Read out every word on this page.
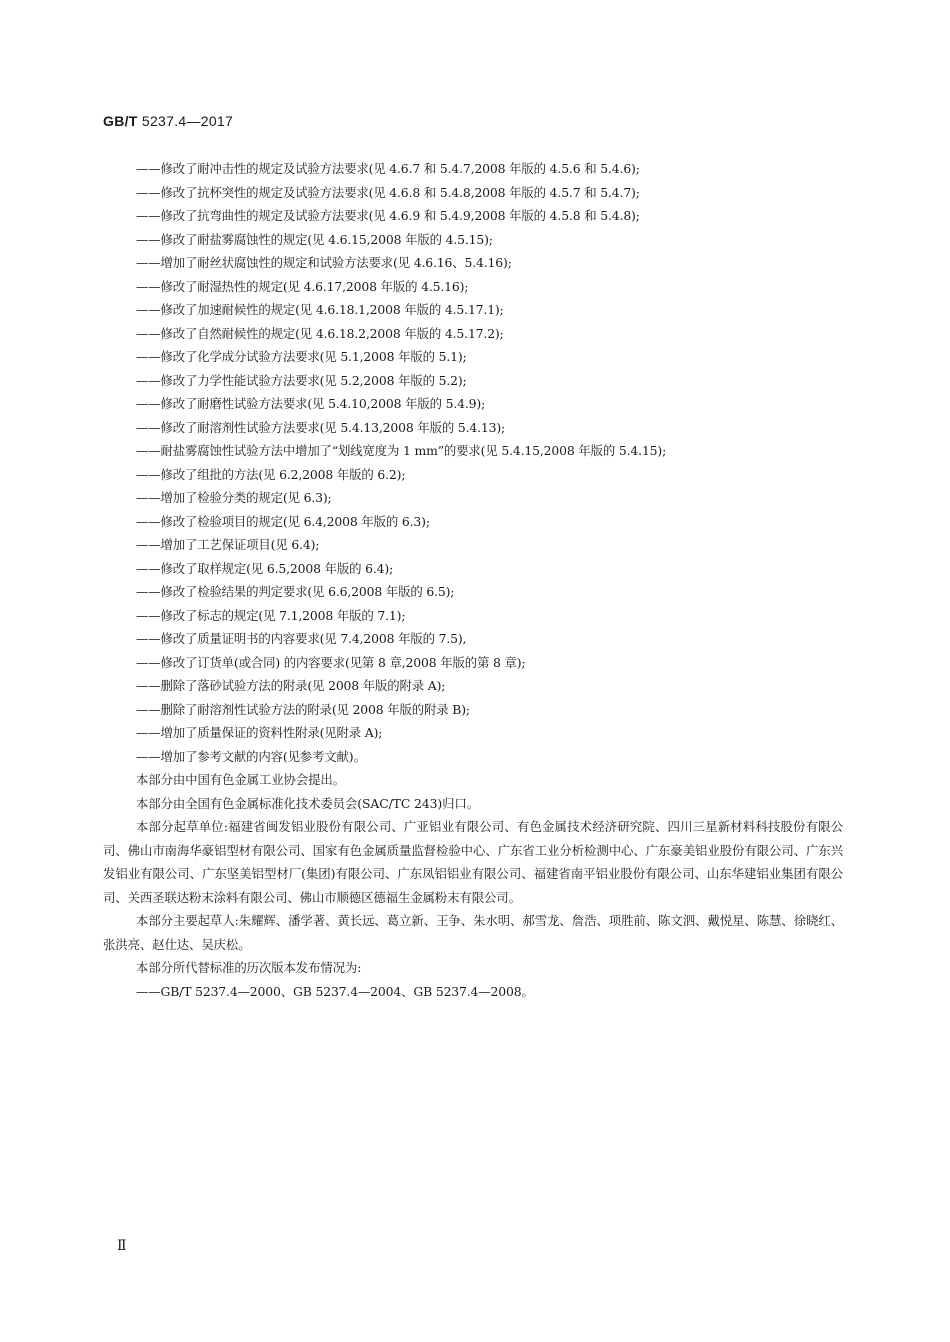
GB/T 5237.4—2017
——修改了耐冲击性的规定及试验方法要求(见 4.6.7 和 5.4.7,2008 年版的 4.5.6 和 5.4.6);
——修改了抗杯突性的规定及试验方法要求(见 4.6.8 和 5.4.8,2008 年版的 4.5.7 和 5.4.7);
——修改了抗弯曲性的规定及试验方法要求(见 4.6.9 和 5.4.9,2008 年版的 4.5.8 和 5.4.8);
——修改了耐盐雾腐蚀性的规定(见 4.6.15,2008 年版的 4.5.15);
——增加了耐丝状腐蚀性的规定和试验方法要求(见 4.6.16、5.4.16);
——修改了耐湿热性的规定(见 4.6.17,2008 年版的 4.5.16);
——修改了加速耐候性的规定(见 4.6.18.1,2008 年版的 4.5.17.1);
——修改了自然耐候性的规定(见 4.6.18.2,2008 年版的 4.5.17.2);
——修改了化学成分试验方法要求(见 5.1,2008 年版的 5.1);
——修改了力学性能试验方法要求(见 5.2,2008 年版的 5.2);
——修改了耐磨性试验方法要求(见 5.4.10,2008 年版的 5.4.9);
——修改了耐溶剂性试验方法要求(见 5.4.13,2008 年版的 5.4.13);
——耐盐雾腐蚀性试验方法中增加了“划线宽度为 1 mm”的要求(见 5.4.15,2008 年版的 5.4.15);
——修改了组批的方法(见 6.2,2008 年版的 6.2);
——增加了检验分类的规定(见 6.3);
——修改了检验项目的规定(见 6.4,2008 年版的 6.3);
——增加了工艺保证项目(见 6.4);
——修改了取样规定(见 6.5,2008 年版的 6.4);
——修改了检验结果的判定要求(见 6.6,2008 年版的 6.5);
——修改了标志的规定(见 7.1,2008 年版的 7.1);
——修改了质量证明书的内容要求(见 7.4,2008 年版的 7.5),
——修改了订货单(或合同) 的内容要求(见第 8 章,2008 年版的第 8 章);
——删除了落砂试验方法的附录(见 2008 年版的附录 A);
——删除了耐溶剂性试验方法的附录(见 2008 年版的附录 B);
——增加了质量保证的资料性附录(见附录 A);
——增加了参考文献的内容(见参考文献)。
本部分由中国有色金属工业协会提出。
本部分由全国有色金属标准化技术委员会(SAC/TC 243)归口。
本部分起草单位:福建省闽发铝业股份有限公司、广亚铝业有限公司、有色金属技术经济研究院、四川三星新材料科技股份有限公司、佛山市南海华豪铝型材有限公司、国家有色金属质量监督检验中心、广东省工业分析检测中心、广东豪美铝业股份有限公司、广东兴发铝业有限公司、广东坚美铝型材厂(集团)有限公司、广东凤铝铝业有限公司、福建省南平铝业股份有限公司、山东华建铝业集团有限公司、关西圣联达粉末涂料有限公司、佛山市顺德区德福生金属粉末有限公司。
本部分主要起草人:朱耀辉、潘学著、黄长远、葛立新、王争、朱水明、郝雪龙、詹浩、项胜前、陈文泗、戴悦星、陈慧、徐晓红、张洪亮、赵仕达、吴庆松。
本部分所代替标准的历次版本发布情况为:
——GB/T 5237.4—2000、GB 5237.4—2004、GB 5237.4—2008。
Ⅱ
